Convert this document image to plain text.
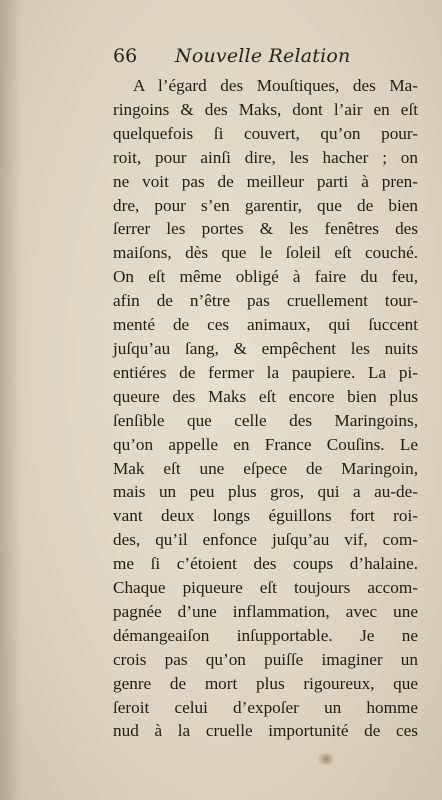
66 Nouvelle Relation
A l’égard des Mouſtiques, des Ma-
ringoins & des Maks, dont l’air en eſt
quelquefois ſi couvert, qu’on pour-
roit, pour ainſi dire, les hacher ; on
ne voit pas de meilleur parti à pren-
dre, pour s’en garentir, que de bien
ſerrer les portes & les fenêtres des
maiſons, dès que le ſoleil eſt couché.
On eſt même obligé à faire du feu,
afin de n’être pas cruellement tour-
menté de ces animaux, qui ſuccent
juſqu’au ſang, & empêchent les nuits
entiéres de fermer la paupiere. La pi-
queure des Maks eſt encore bien plus
ſenſible que celle des Maringoins,
qu’on appelle en France Couſins. Le
Mak eſt une eſpece de Maringoin,
mais un peu plus gros, qui a au-de-
vant deux longs éguillons fort roi-
des, qu’il enfonce juſqu’au vif, com-
me ſi c’étoient des coups d’halaine.
Chaque piqueure eſt toujours accom-
pagnée d’une inflammation, avec une
démangeaiſon inſupportable. Je ne
crois pas qu’on puiſſe imaginer un
genre de mort plus rigoureux, que
ſeroit celui d’expoſer un homme
nud à la cruelle importunité de ces
